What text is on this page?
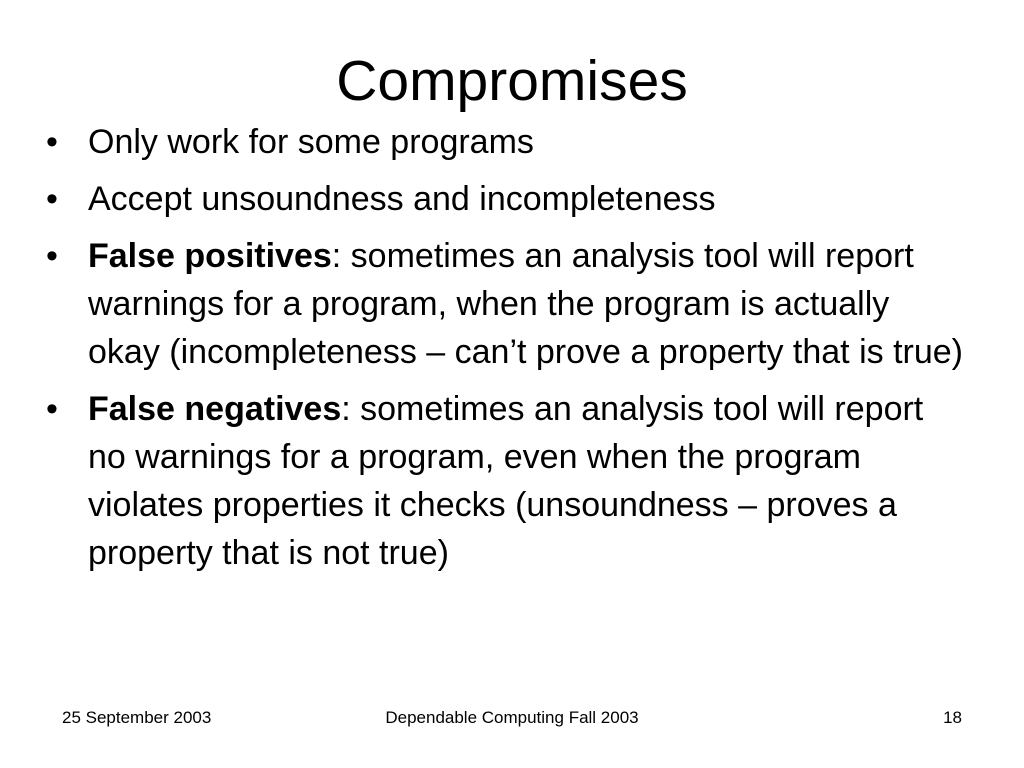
Compromises
• Only work for some programs
• Accept unsoundness and incompleteness
• False positives: sometimes an analysis tool will report warnings for a program, when the program is actually okay (incompleteness – can’t prove a property that is true)
• False negatives: sometimes an analysis tool will report no warnings for a program, even when the program violates properties it checks (unsoundness – proves a property that is not true)
25 September 2003	Dependable Computing Fall 2003	18
